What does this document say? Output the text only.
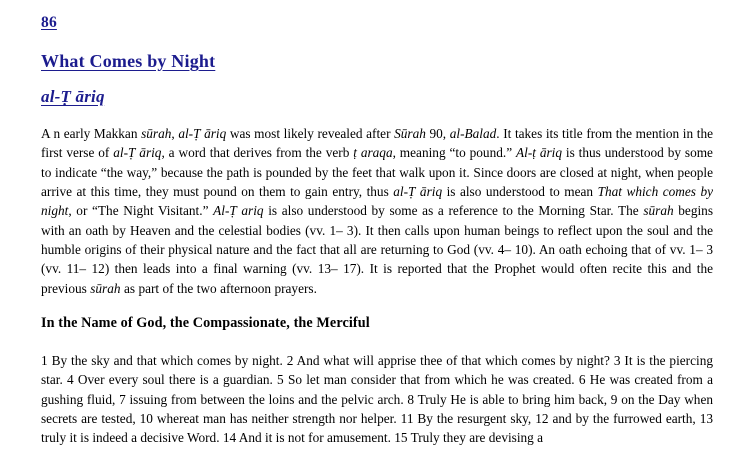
86
What Comes by Night
al-Ṭ āriq

A n early Makkan sūrah, al-Ṭ āriq was most likely revealed after Sūrah 90, al-Balad. It takes its title from the mention in the first verse of al-Ṭ āriq, a word that derives from the verb ṭ araqa, meaning “to pound.” Al-ṭ āriq is thus understood by some to indicate “the way,” because the path is pounded by the feet that walk upon it. Since doors are closed at night, when people arrive at this time, they must pound on them to gain entry, thus al-Ṭ āriq is also understood to mean That which comes by night, or “The Night Visitant.” Al-Ṭ ariq is also understood by some as a reference to the Morning Star. The sūrah begins with an oath by Heaven and the celestial bodies (vv. 1– 3). It then calls upon human beings to reflect upon the soul and the humble origins of their physical nature and the fact that all are returning to God (vv. 4– 10). An oath echoing that of vv. 1– 3 (vv. 11– 12) then leads into a final warning (vv. 13– 17). It is reported that the Prophet would often recite this and the previous sūrah as part of the two afternoon prayers.

In the Name of God, the Compassionate, the Merciful

1 By the sky and that which comes by night. 2 And what will apprise thee of that which comes by night? 3 It is the piercing star. 4 Over every soul there is a guardian. 5 So let man consider that from which he was created. 6 He was created from a gushing fluid, 7 issuing from between the loins and the pelvic arch. 8 Truly He is able to bring him back, 9 on the Day when secrets are tested, 10 whereat man has neither strength nor helper. 11 By the resurgent sky, 12 and by the furrowed earth, 13 truly it is indeed a decisive Word. 14 And it is not for amusement. 15 Truly they are devising a
